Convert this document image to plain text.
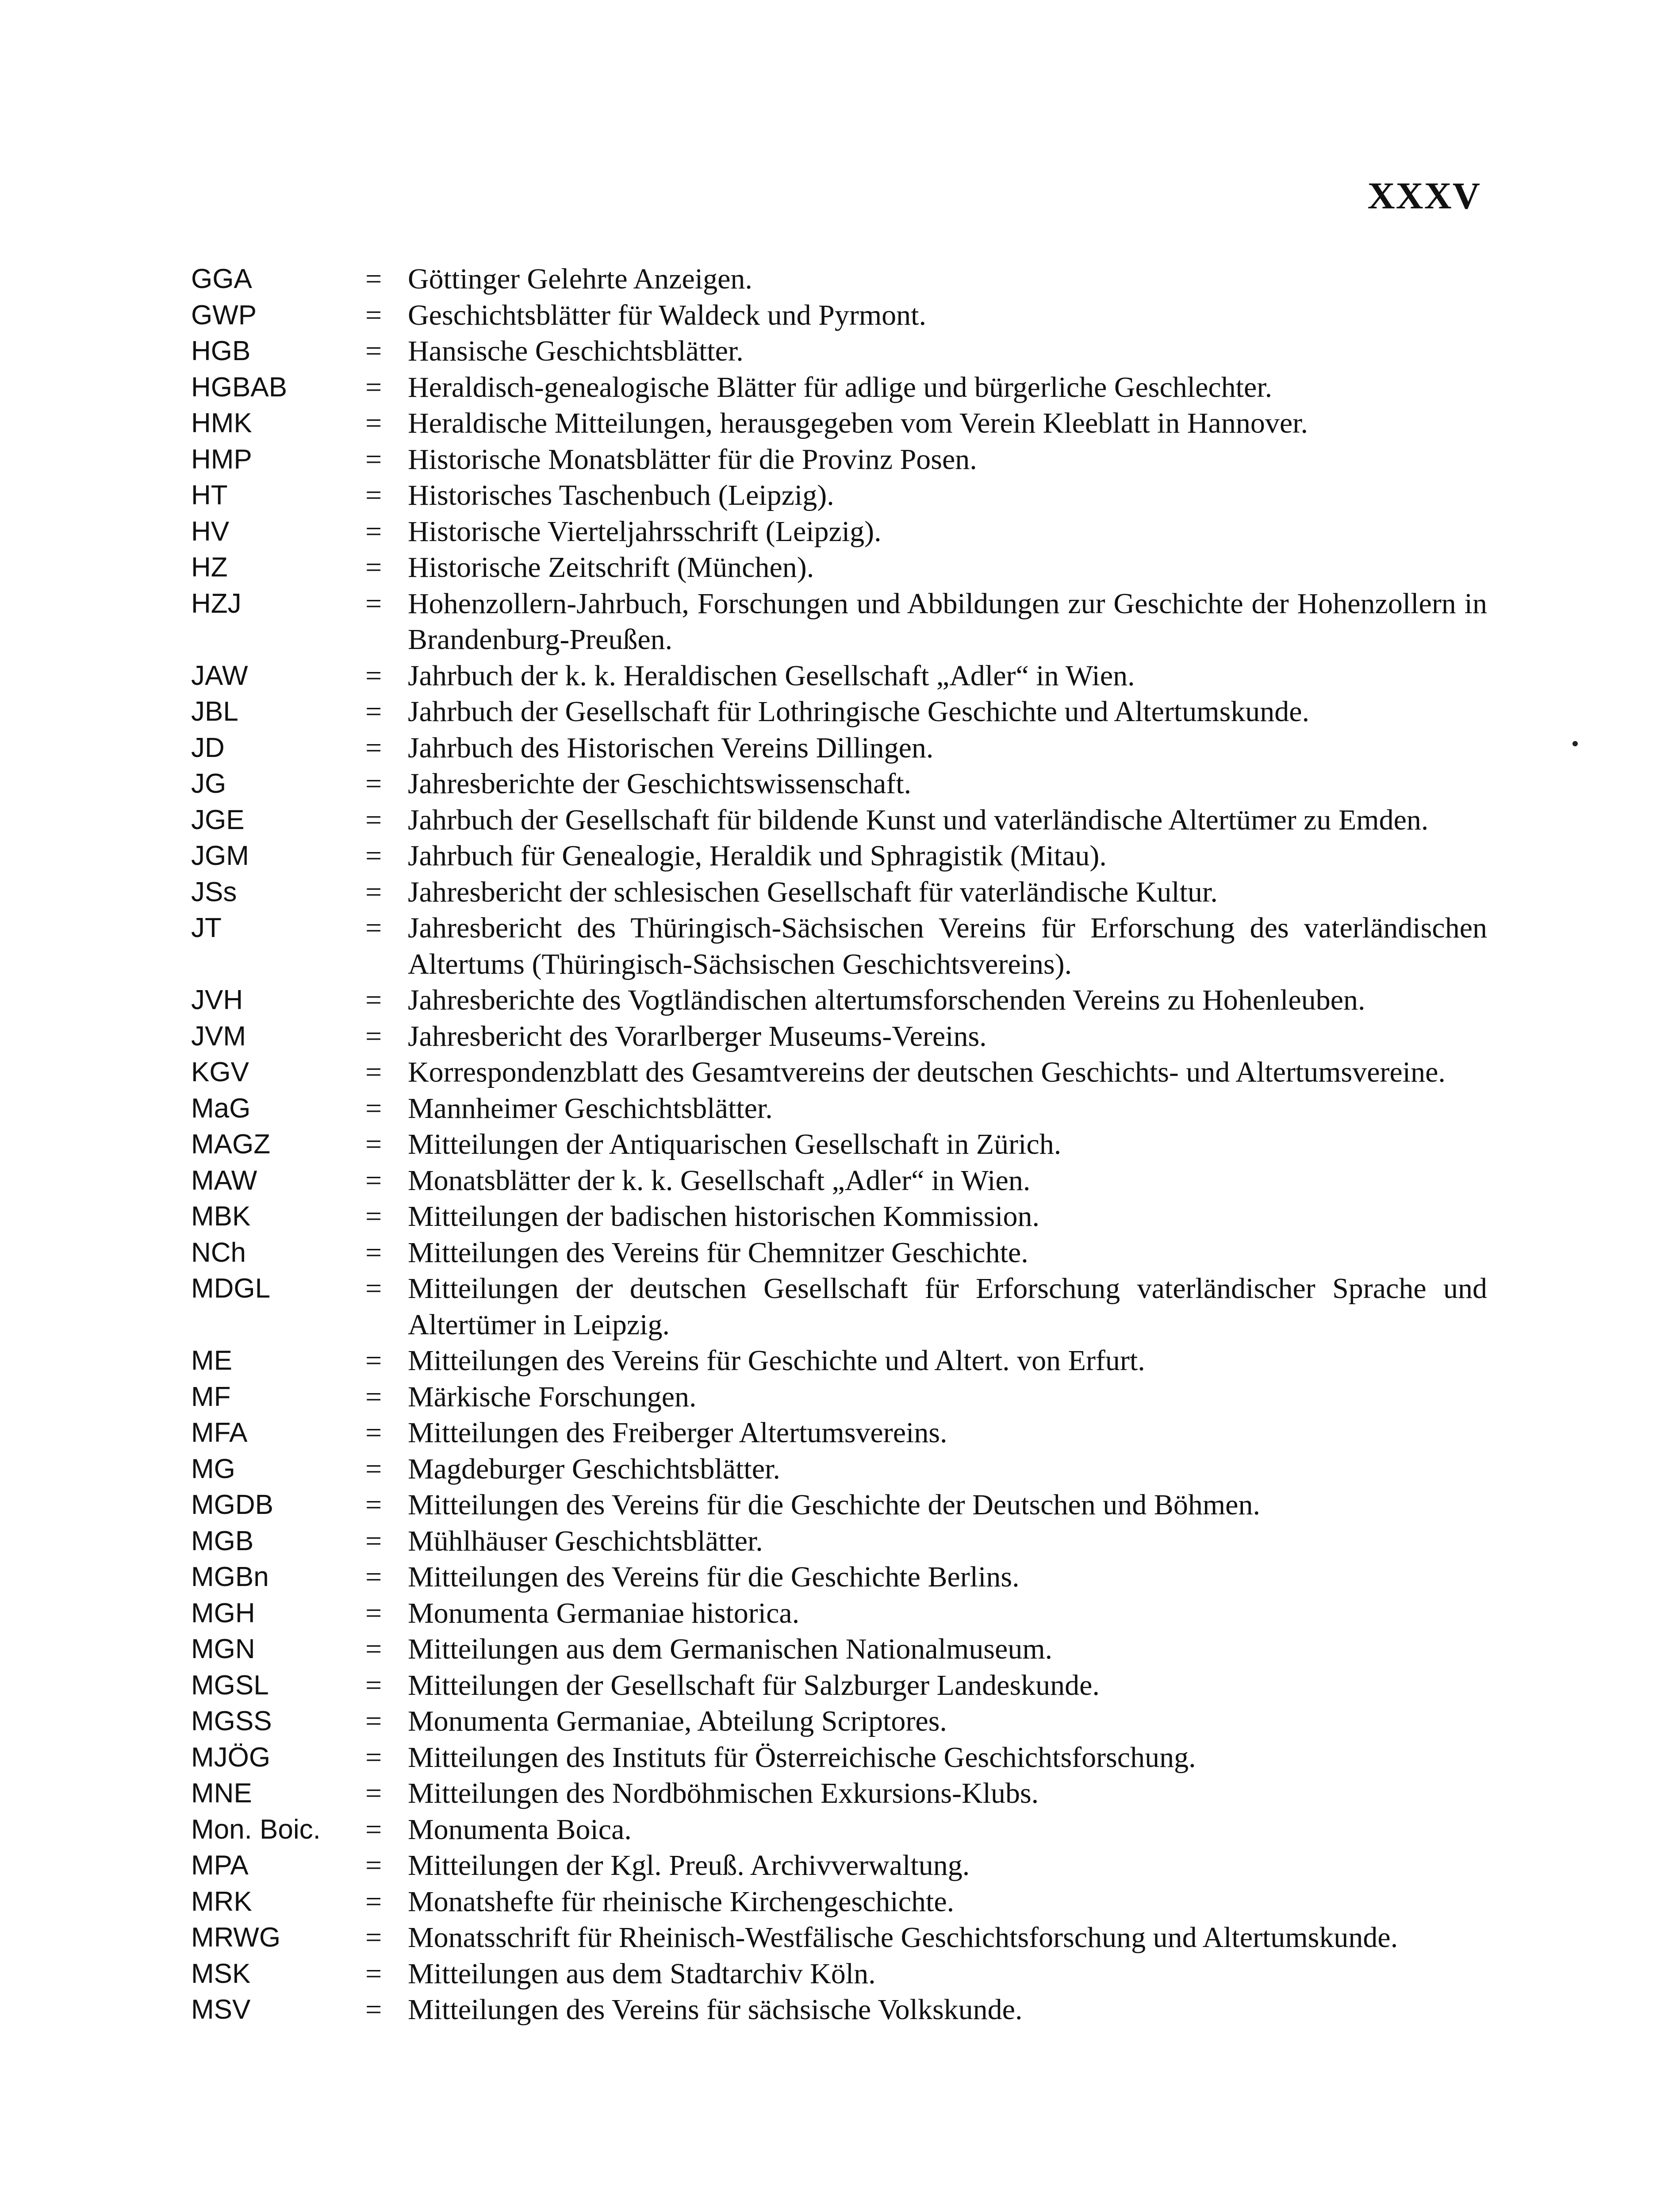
XXXV
GGA	= Göttinger Gelehrte Anzeigen.
GWP	= Geschichtsblätter für Waldeck und Pyrmont.
HGB	= Hansische Geschichtsblätter.
HGBAB	= Heraldisch-genealogische Blätter für adlige und bürgerliche Geschlechter.
HMK	= Heraldische Mitteilungen, herausgegeben vom Verein Kleeblatt in Hannover.
HMP	= Historische Monatsblätter für die Provinz Posen.
HT	= Historisches Taschenbuch (Leipzig).
HV	= Historische Vierteljahrsschrift (Leipzig).
HZ	= Historische Zeitschrift (München).
HZJ	= Hohenzollern-Jahrbuch, Forschungen und Abbildungen zur Geschichte der Hohenzollern in Brandenburg-Preußen.
JAW	= Jahrbuch der k. k. Heraldischen Gesellschaft „Adler“ in Wien.
JBL	= Jahrbuch der Gesellschaft für Lothringische Geschichte und Altertumskunde.
JD	= Jahrbuch des Historischen Vereins Dillingen.
JG	= Jahresberichte der Geschichtswissenschaft.
JGE	= Jahrbuch der Gesellschaft für bildende Kunst und vaterländische Altertümer zu Emden.
JGM	= Jahrbuch für Genealogie, Heraldik und Sphragistik (Mitau).
JSs	= Jahresbericht der schlesischen Gesellschaft für vaterländische Kultur.
JT	= Jahresbericht des Thüringisch-Sächsischen Vereins für Erforschung des vaterländischen Altertums (Thüringisch-Sächsischen Geschichtsvereins).
JVH	= Jahresberichte des Vogtländischen altertumsforschenden Vereins zu Hohenleuben.
JVM	= Jahresbericht des Vorarlberger Museums-Vereins.
KGV	= Korrespondenzblatt des Gesamtvereins der deutschen Geschichts- und Altertumsvereine.
MaG	= Mannheimer Geschichtsblätter.
MAGZ	= Mitteilungen der Antiquarischen Gesellschaft in Zürich.
MAW	= Monatsblätter der k. k. Gesellschaft „Adler“ in Wien.
MBK	= Mitteilungen der badischen historischen Kommission.
NCh	= Mitteilungen des Vereins für Chemnitzer Geschichte.
MDGL	= Mitteilungen der deutschen Gesellschaft für Erforschung vaterländischer Sprache und Altertümer in Leipzig.
ME	= Mitteilungen des Vereins für Geschichte und Altert. von Erfurt.
MF	= Märkische Forschungen.
MFA	= Mitteilungen des Freiberger Altertumsvereins.
MG	= Magdeburger Geschichtsblätter.
MGDB	= Mitteilungen des Vereins für die Geschichte der Deutschen und Böhmen.
MGB	= Mühlhäuser Geschichtsblätter.
MGBn	= Mitteilungen des Vereins für die Geschichte Berlins.
MGH	= Monumenta Germaniae historica.
MGN	= Mitteilungen aus dem Germanischen Nationalmuseum.
MGSL	= Mitteilungen der Gesellschaft für Salzburger Landeskunde.
MGSS	= Monumenta Germaniae, Abteilung Scriptores.
MJÖG	= Mitteilungen des Instituts für Österreichische Geschichtsforschung.
MNE	= Mitteilungen des Nordböhmischen Exkursions-Klubs.
Mon. Boic.	= Monumenta Boica.
MPA	= Mitteilungen der Kgl. Preuß. Archivverwaltung.
MRK	= Monatshefte für rheinische Kirchengeschichte.
MRWG	= Monatsschrift für Rheinisch-Westfälische Geschichtsforschung und Altertumskunde.
MSK	= Mitteilungen aus dem Stadtarchiv Köln.
MSV	= Mitteilungen des Vereins für sächsische Volkskunde.
